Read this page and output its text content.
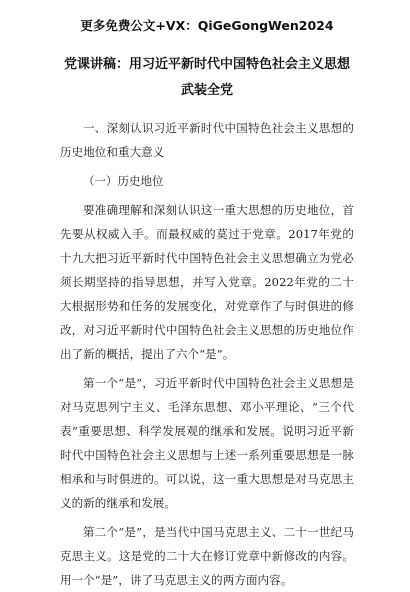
更多免费公文+VX：QiGeGongWen2024
党课讲稿：用习近平新时代中国特色社会主义思想武装全党
一、深刻认识习近平新时代中国特色社会主义思想的历史地位和重大意义
（一）历史地位
要准确理解和深刻认识这一重大思想的历史地位，首先要从权威入手。而最权威的莫过于党章。2017年党的十九大把习近平新时代中国特色社会主义思想确立为党必须长期坚持的指导思想，并写入党章。2022年党的二十大根据形势和任务的发展变化，对党章作了与时俱进的修改，对习近平新时代中国特色社会主义思想的历史地位作出了新的概括，提出了六个“是”。
第一个“是”，习近平新时代中国特色社会主义思想是对马克思列宁主义、毛泽东思想、邓小平理论、“三个代表”重要思想、科学发展观的继承和发展。说明习近平新时代中国特色社会主义思想与上述一系列重要思想是一脉相承和与时俱进的。可以说，这一重大思想是对马克思主义的新的继承和发展。
第二个“是”，是当代中国马克思主义、二十一世纪马克思主义。这是党的二十大在修订党章中新修改的内容。用一个“是”，讲了马克思主义的两方面内容。
